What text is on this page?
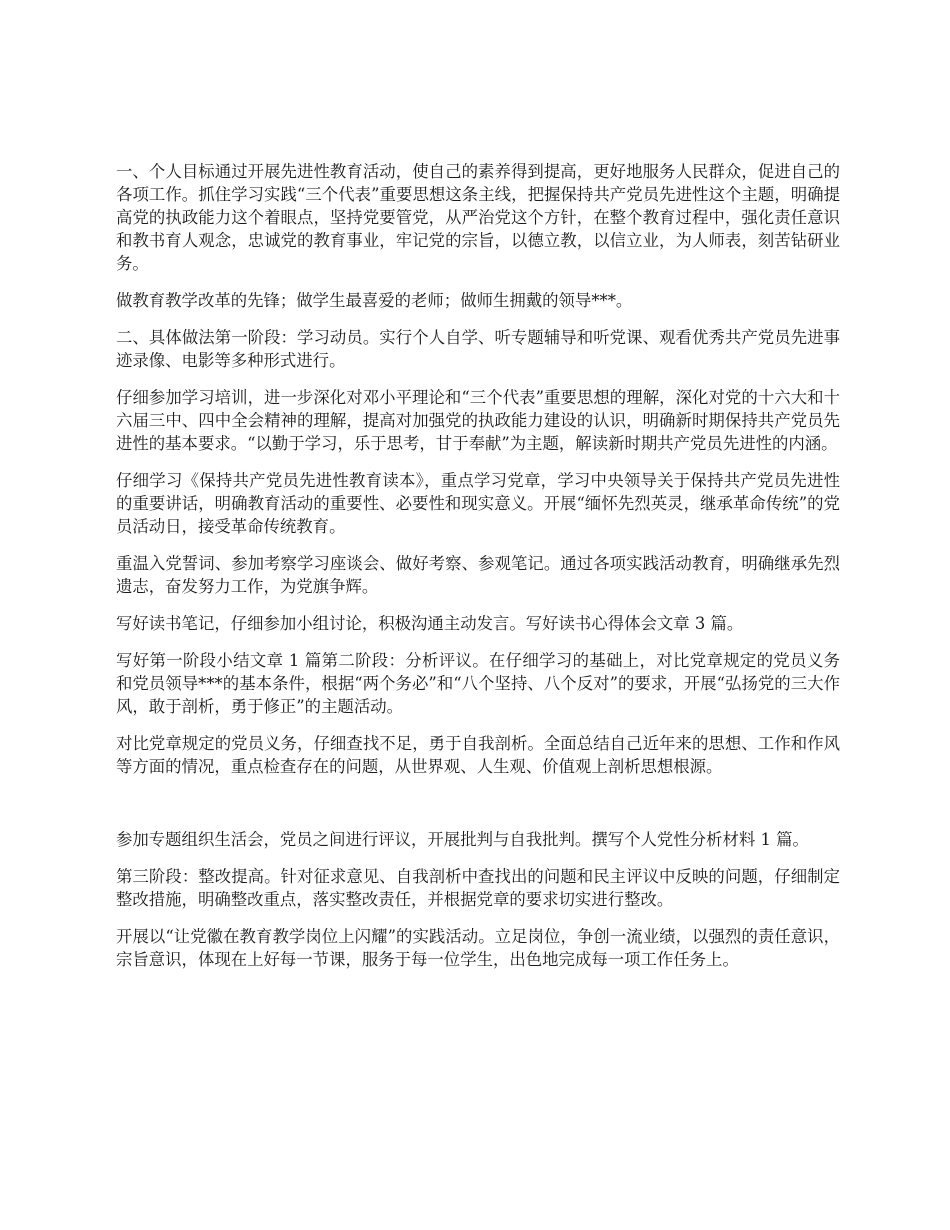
一、个人目标通过开展先进性教育活动，使自己的素养得到提高，更好地服务人民群众，促进自己的各项工作。抓住学习实践“三个代表”重要思想这条主线，把握保持共产党员先进性这个主题，明确提高党的执政能力这个着眼点，坚持党要管党，从严治党这个方针，在整个教育过程中，强化责任意识和教书育人观念，忠诚党的教育事业，牢记党的宗旨，以德立教，以信立业，为人师表，刻苦钻研业务。

做教育教学改革的先锋；做学生最喜爱的老师；做师生拥戴的领导***。

二、具体做法第一阶段：学习动员。实行个人自学、听专题辅导和听党课、观看优秀共产党员先进事迹录像、电影等多种形式进行。

仔细参加学习培训，进一步深化对邓小平理论和“三个代表”重要思想的理解，深化对党的十六大和十六届三中、四中全会精神的理解，提高对加强党的执政能力建设的认识，明确新时期保持共产党员先进性的基本要求。“以勤于学习，乐于思考，甘于奉献”为主题，解读新时期共产党员先进性的内涵。

仔细学习《保持共产党员先进性教育读本》，重点学习党章，学习中央领导关于保持共产党员先进性的重要讲话，明确教育活动的重要性、必要性和现实意义。开展“缅怀先烈英灵，继承革命传统”的党员活动日，接受革命传统教育。

重温入党誓词、参加考察学习座谈会、做好考察、参观笔记。通过各项实践活动教育，明确继承先烈遗志，奋发努力工作，为党旗争辉。

写好读书笔记，仔细参加小组讨论，积极沟通主动发言。写好读书心得体会文章 3 篇。

写好第一阶段小结文章 1 篇第二阶段：分析评议。在仔细学习的基础上，对比党章规定的党员义务和党员领导***的基本条件，根据“两个务必”和“八个坚持、八个反对”的要求，开展“弘扬党的三大作风，敢于剖析，勇于修正”的主题活动。

对比党章规定的党员义务，仔细查找不足，勇于自我剖析。全面总结自己近年来的思想、工作和作风等方面的情况，重点检查存在的问题，从世界观、人生观、价值观上剖析思想根源。

参加专题组织生活会，党员之间进行评议，开展批判与自我批判。撰写个人党性分析材料 1 篇。

第三阶段：整改提高。针对征求意见、自我剖析中查找出的问题和民主评议中反映的问题，仔细制定整改措施，明确整改重点，落实整改责任，并根据党章的要求切实进行整改。

开展以“让党徽在教育教学岗位上闪耀”的实践活动。立足岗位，争创一流业绩，以强烈的责任意识，宗旨意识，体现在上好每一节课，服务于每一位学生，出色地完成每一项工作任务上。
